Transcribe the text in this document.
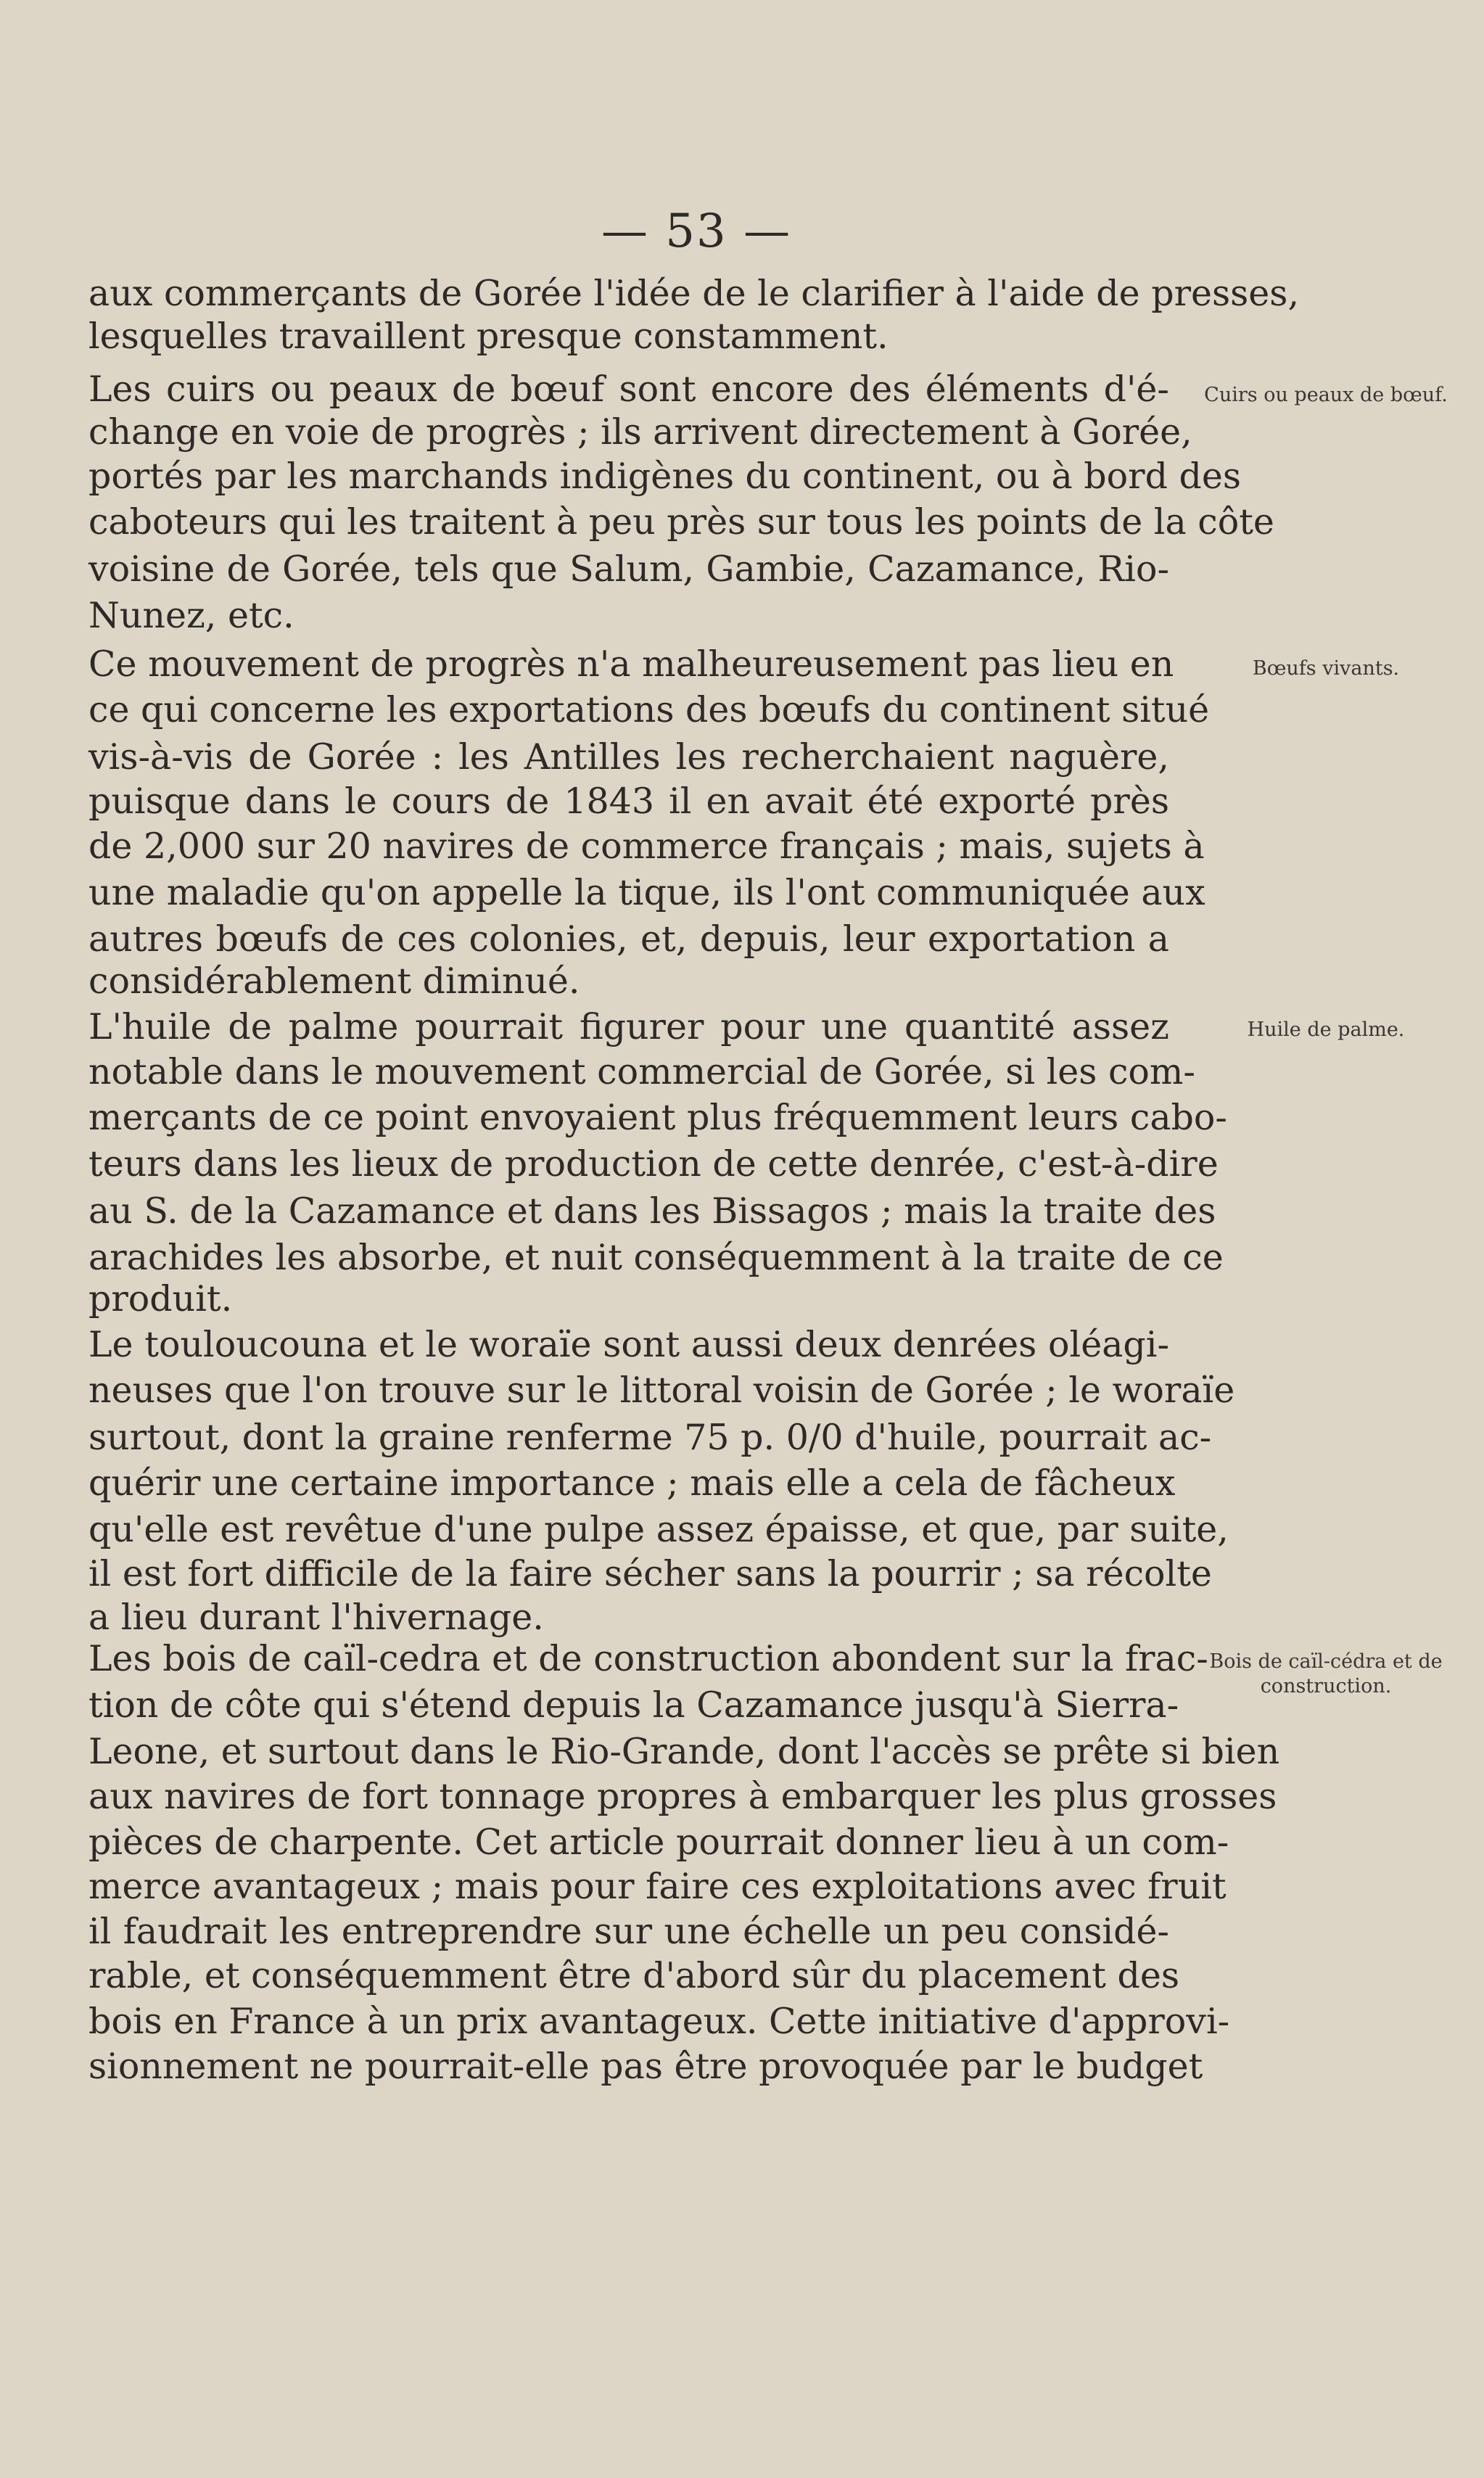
— 53 —
aux commerçants de Gorée l'idée de le clarifier à l'aide de presses,
lesquelles travaillent presque constamment.
Les cuirs ou peaux de bœuf sont encore des éléments d'é-
change en voie de progrès ; ils arrivent directement à Gorée,
portés par les marchands indigènes du continent, ou à bord des
caboteurs qui les traitent à peu près sur tous les points de la côte
voisine de Gorée, tels que Salum, Gambie, Cazamance, Rio-
Nunez, etc.
Ce mouvement de progrès n'a malheureusement pas lieu en
ce qui concerne les exportations des bœufs du continent situé
vis-à-vis de Gorée : les Antilles les recherchaient naguère,
puisque dans le cours de 1843 il en avait été exporté près
de 2,000 sur 20 navires de commerce français ; mais, sujets à
une maladie qu'on appelle la tique, ils l'ont communiquée aux
autres bœufs de ces colonies, et, depuis, leur exportation a
considérablement diminué.
L'huile de palme pourrait figurer pour une quantité assez
notable dans le mouvement commercial de Gorée, si les com-
merçants de ce point envoyaient plus fréquemment leurs cabo-
teurs dans les lieux de production de cette denrée, c'est-à-dire
au S. de la Cazamance et dans les Bissagos ; mais la traite des
arachides les absorbe, et nuit conséquemment à la traite de ce
produit.
Le touloucouna et le woraïe sont aussi deux denrées oléagi-
neuses que l'on trouve sur le littoral voisin de Gorée ; le woraïe
surtout, dont la graine renferme 75 p. 0/0 d'huile, pourrait ac-
quérir une certaine importance ; mais elle a cela de fâcheux
qu'elle est revêtue d'une pulpe assez épaisse, et que, par suite,
il est fort difficile de la faire sécher sans la pourrir ; sa récolte
a lieu durant l'hivernage.
Les bois de caïl-cedra et de construction abondent sur la frac-
tion de côte qui s'étend depuis la Cazamance jusqu'à Sierra-
Leone, et surtout dans le Rio-Grande, dont l'accès se prête si bien
aux navires de fort tonnage propres à embarquer les plus grosses
pièces de charpente. Cet article pourrait donner lieu à un com-
merce avantageux ; mais pour faire ces exploitations avec fruit
il faudrait les entreprendre sur une échelle un peu considé-
rable, et conséquemment être d'abord sûr du placement des
bois en France à un prix avantageux. Cette initiative d'approvi-
sionnement ne pourrait-elle pas être provoquée par le budget
Cuirs ou peaux de bœuf.
Bœufs vivants.
Huile de palme.
Bois de caïl-cédra et de construction.
